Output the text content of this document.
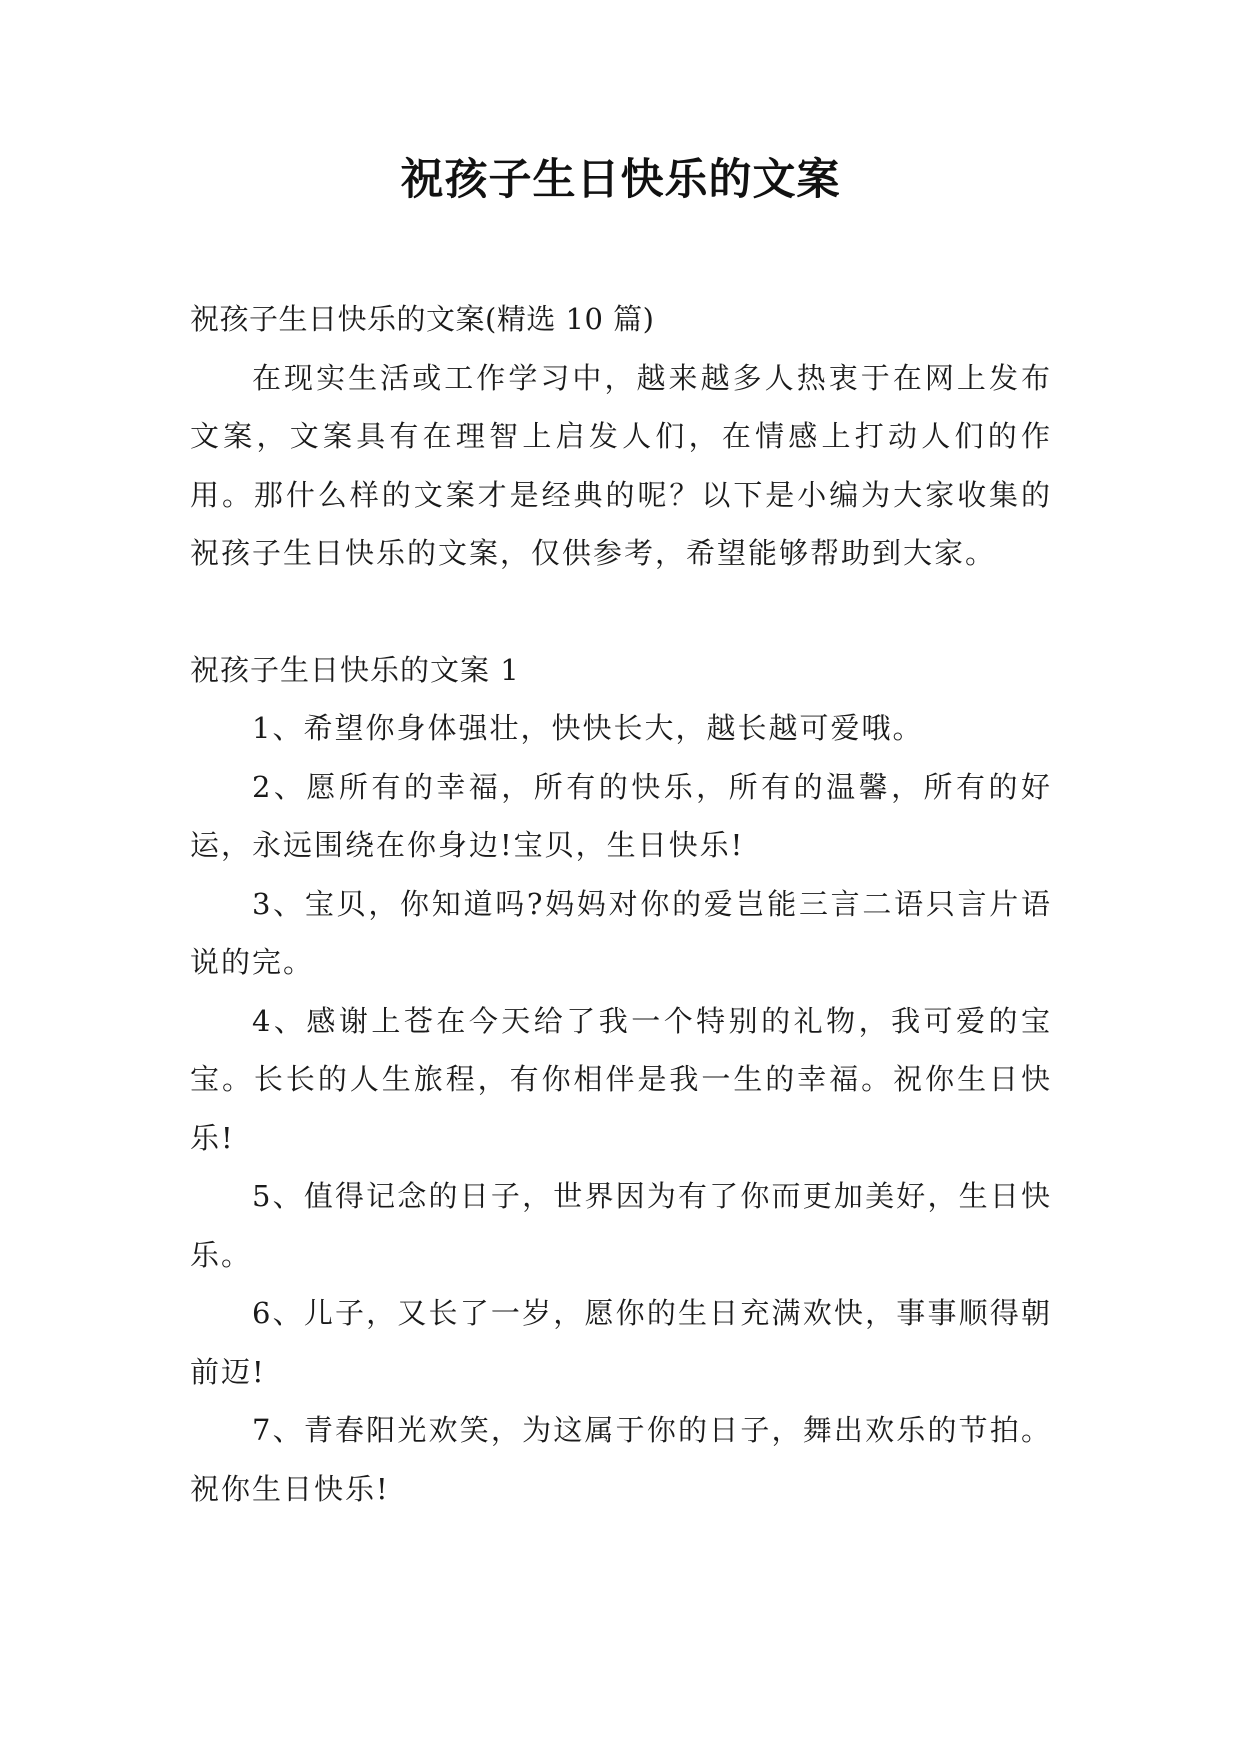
祝孩子生日快乐的文案

祝孩子生日快乐的文案(精选 10 篇)

在现实生活或工作学习中，越来越多人热衷于在网上发布文案，文案具有在理智上启发人们，在情感上打动人们的作用。那什么样的文案才是经典的呢？以下是小编为大家收集的祝孩子生日快乐的文案，仅供参考，希望能够帮助到大家。

祝孩子生日快乐的文案 1

1、希望你身体强壮，快快长大，越长越可爱哦。

2、愿所有的幸福，所有的快乐，所有的温馨，所有的好运，永远围绕在你身边!宝贝，生日快乐!

3、宝贝，你知道吗?妈妈对你的爱岂能三言二语只言片语说的完。

4、感谢上苍在今天给了我一个特别的礼物，我可爱的宝宝。长长的人生旅程，有你相伴是我一生的幸福。祝你生日快乐!

5、值得记念的日子，世界因为有了你而更加美好，生日快乐。

6、儿子，又长了一岁，愿你的生日充满欢快，事事顺得朝前迈!

7、青春阳光欢笑，为这属于你的日子，舞出欢乐的节拍。祝你生日快乐!
